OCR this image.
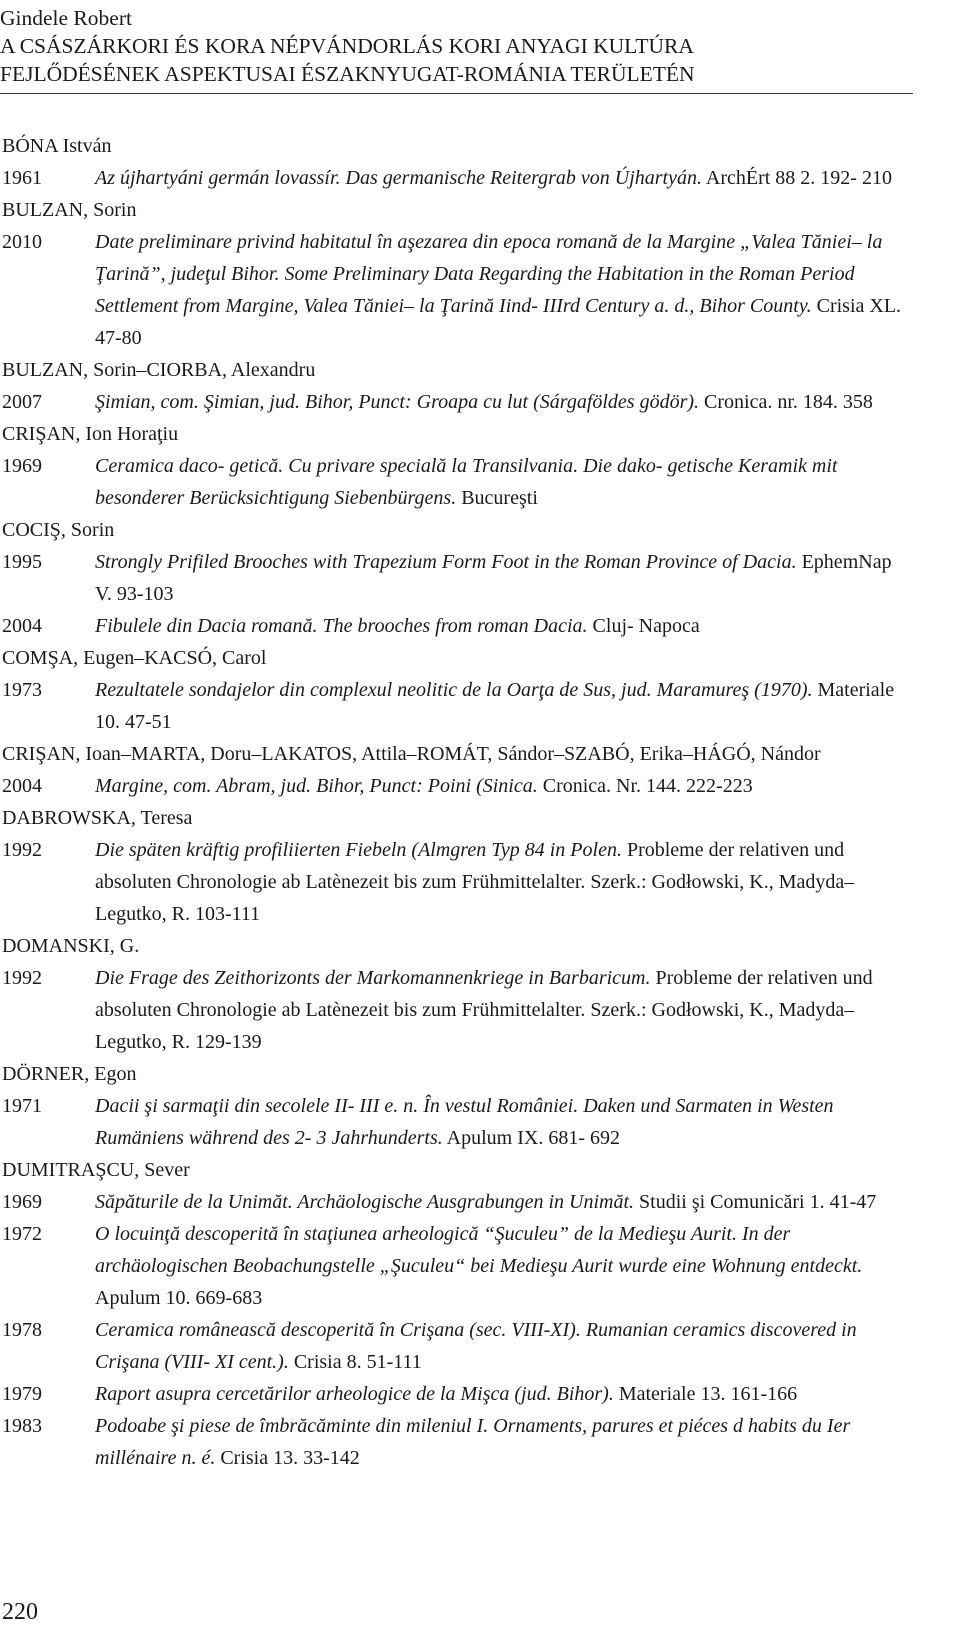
Gindele Robert
A CSÁSZÁRKORI ÉS KORA NÉPVÁNDORLÁS KORI ANYAGI KULTÚRA
FEJLŐDÉSÉNEK ASPEKTUSAI ÉSZAKNYUGAT-ROMÁNIA TERÜLETÉN
BÓNA István
1961	Az újhartyáni germán lovassír. Das germanische Reitergrab von Újhartyán. ArchÉrt 88 2. 192- 210
BULZAN, Sorin
2010	Date preliminare privind habitatul în aşezarea din epoca romană de la Margine „Valea Tăniei– la Ţarină”, judeţul Bihor. Some Preliminary Data Regarding the Habitation in the Roman Period Settlement from Margine, Valea Tăniei– la Ţarină Iind- IIIrd Century a. d., Bihor County. Crisia XL. 47-80
BULZAN, Sorin–CIORBA, Alexandru
2007	Şimian, com. Şimian, jud. Bihor, Punct: Groapa cu lut (Sárgaföldes gödör). Cronica. nr. 184. 358
CRIŞAN, Ion Horaţiu
1969	Ceramica daco- getică. Cu privare specială la Transilvania. Die dako- getische Keramik mit besonderer Berücksichtigung Siebenbürgens. Bucureşti
COCIŞ, Sorin
1995	Strongly Prifiled Brooches with Trapezium Form Foot in the Roman Province of Dacia. EphemNap V. 93-103
2004	Fibulele din Dacia romană. The brooches from roman Dacia. Cluj- Napoca
COMŞA, Eugen–KACSÓ, Carol
1973	Rezultatele sondajelor din complexul neolitic de la Oarţa de Sus, jud. Maramureş (1970). Materiale 10. 47-51
CRIŞAN, Ioan–MARTA, Doru–LAKATOS, Attila–ROMÁT, Sándor–SZABÓ, Erika–HÁGÓ, Nándor
2004	Margine, com. Abram, jud. Bihor, Punct: Poini (Sinica. Cronica. Nr. 144. 222-223
DABROWSKA, Teresa
1992	Die späten kräftig profiliierten Fiebeln (Almgren Typ 84 in Polen. Probleme der relativen und absoluten Chronologie ab Latènezeit bis zum Frühmittelalter. Szerk.: Godłowski, K., Madyda–Legutko, R. 103-111
DOMANSKI, G.
1992	Die Frage des Zeithorizonts der Markomannenkriege in Barbaricum. Probleme der relativen und absoluten Chronologie ab Latènezeit bis zum Frühmittelalter. Szerk.: Godłowski, K., Madyda–Legutko, R. 129-139
DÖRNER, Egon
1971	Dacii şi sarmaţii din secolele II- III e. n. În vestul României. Daken und Sarmaten in Westen Rumäniens während des 2- 3 Jahrhunderts. Apulum IX. 681- 692
DUMITRAŞCU, Sever
1969	Săpăturile de la Unimăt. Archäologische Ausgrabungen in Unimăt. Studii şi Comunicări 1. 41-47
1972	O locuinţă descoperită în staţiunea arheologică “Şuculeu” de la Medieşu Aurit. In der archäologischen Beobachungstelle „Şuculeu“ bei Medieşu Aurit wurde eine Wohnung entdeckt. Apulum 10. 669-683
1978	Ceramica românească descoperită în Crişana (sec. VIII-XI). Rumanian ceramics discovered in Crişana (VIII- XI cent.). Crisia 8. 51-111
1979	Raport asupra cercetărilor arheologice de la Mişca (jud. Bihor). Materiale 13. 161-166
1983	Podoabe şi piese de îmbrăcăminte din mileniul I. Ornaments, parures et piéces d habits du Ier millénaire n. é. Crisia 13. 33-142
220
